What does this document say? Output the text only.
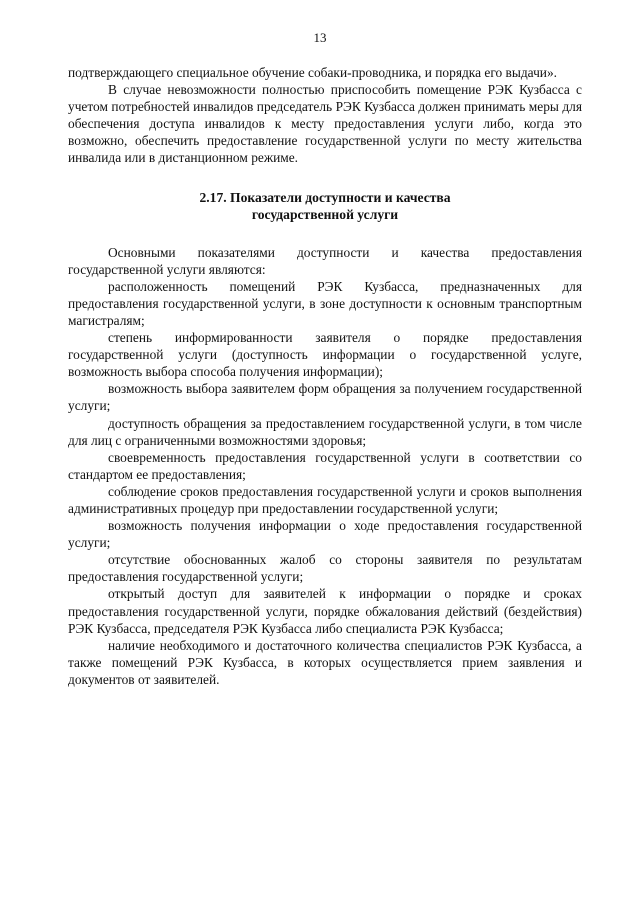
13

подтверждающего специальное обучение собаки-проводника, и порядка его выдачи».

В случае невозможности полностью приспособить помещение РЭК Кузбасса с учетом потребностей инвалидов председатель РЭК Кузбасса должен принимать меры для обеспечения доступа инвалидов к месту предоставления услуги либо, когда это возможно, обеспечить предоставление государственной услуги по месту жительства инвалида или в дистанционном режиме.

2.17. Показатели доступности и качества
государственной услуги

Основными показателями доступности и качества предоставления государственной услуги являются:

расположенность помещений РЭК Кузбасса, предназначенных для предоставления государственной услуги, в зоне доступности к основным транспортным магистралям;

степень информированности заявителя о порядке предоставления государственной услуги (доступность информации о государственной услуге, возможность выбора способа получения информации);

возможность выбора заявителем форм обращения за получением государственной услуги;

доступность обращения за предоставлением государственной услуги, в том числе для лиц с ограниченными возможностями здоровья;

своевременность предоставления государственной услуги в соответствии со стандартом ее предоставления;

соблюдение сроков предоставления государственной услуги и сроков выполнения административных процедур при предоставлении государственной услуги;

возможность получения информации о ходе предоставления государственной услуги;

отсутствие обоснованных жалоб со стороны заявителя по результатам предоставления государственной услуги;

открытый доступ для заявителей к информации о порядке и сроках предоставления государственной услуги, порядке обжалования действий (бездействия) РЭК Кузбасса, председателя РЭК Кузбасса либо специалиста РЭК Кузбасса;

наличие необходимого и достаточного количества специалистов РЭК Кузбасса, а также помещений РЭК Кузбасса, в которых осуществляется прием заявления и документов от заявителей.
